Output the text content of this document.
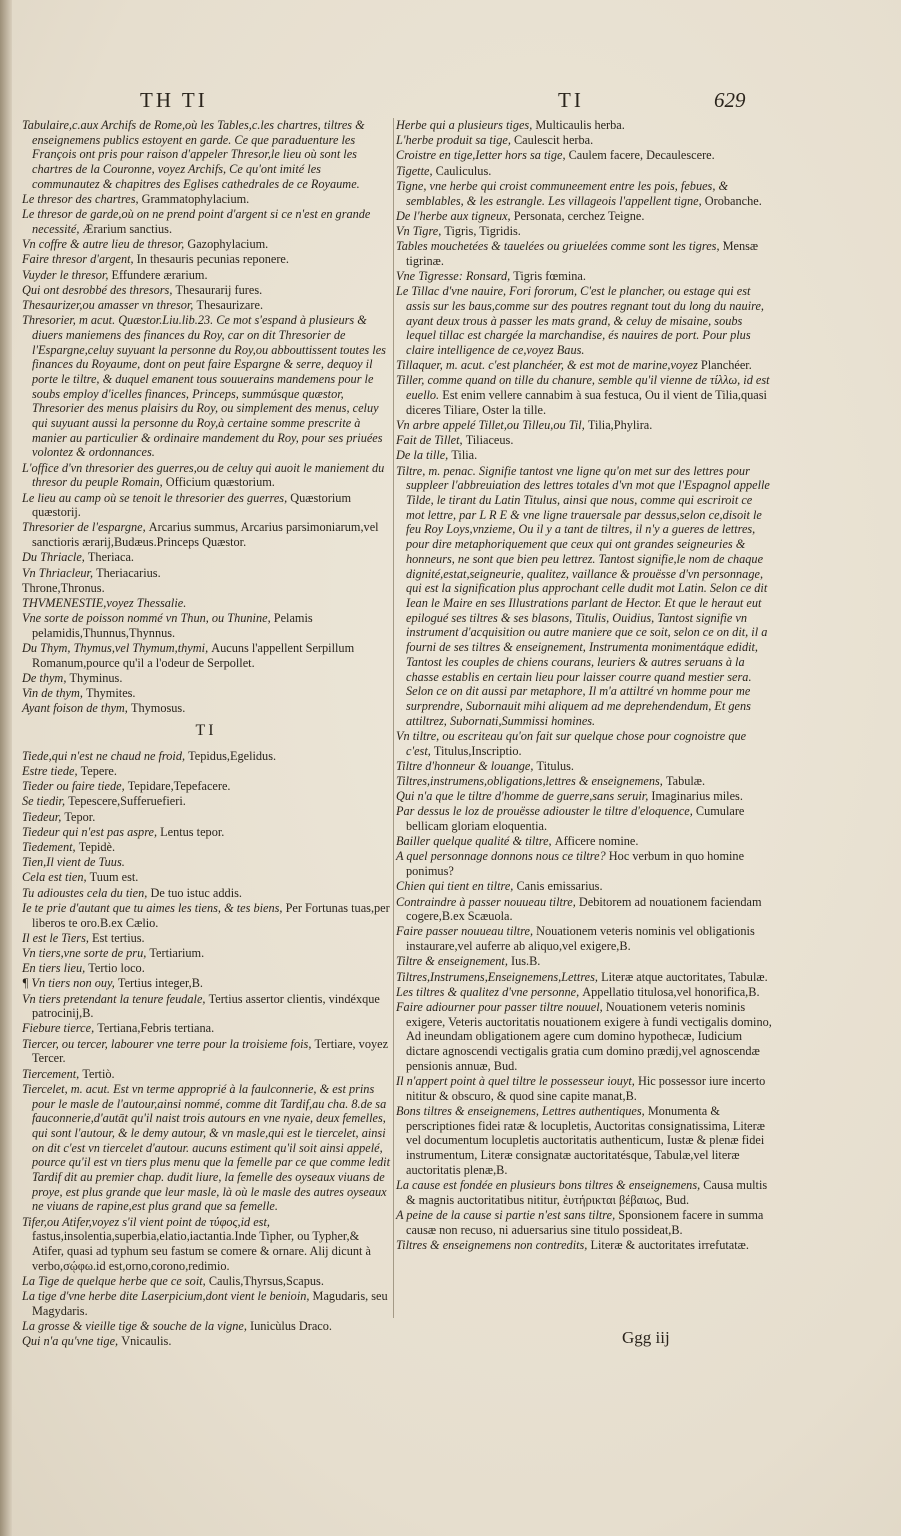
TH TI	TI	629
Tabulaire,c.aux Archifs de Rome,où les Tables,c.les chartres, tiltres & enseignemens publics estoyent en garde. Ce que paraduenture les François ont pris pour raison d'appeler Thresor,le lieu où sont les chartres de la Couronne, voyez Archifs, Ce qu'ont imité les communautez & chapitres des Eglises cathedrales de ce Royaume.
Le thresor des chartres, Grammatophylacium.
Le thresor de garde,où on ne prend point d'argent si ce n'est en grande necessité, Ærarium sanctius.
Vn coffre & autre lieu de thresor, Gazophylacium.
Faire thresor d'argent, In thesauris pecunias reponere.
Vuyder le thresor, Effundere ærarium.
Qui ont desrobbé des thresors, Thesaurarij fures.
Thesaurizer,ou amasser vn thresor, Thesaurizare.
Thresorier, m acut. Quæstor.Liu.lib.23. Ce mot s'espand à plusieurs & diuers maniemens des finances du Roy, car on dit Thresorier de l'Espargne,celuy suyuant la personne du Roy,ou abbouttissent toutes les finances du Royaume, dont on peut faire Espargne & serre, dequoy il porte le tiltre, & duquel emanent tous souuerains mandemens pour le soubs employ d'icelles finances, Princeps, summúsque quæstor, Thresorier des menus plaisirs du Roy, ou simplement des menus, celuy qui suyuant aussi la personne du Roy,à certaine somme prescrite à manier au particulier & ordinaire mandement du Roy, pour ses priuées volontez & ordonnances.
L'office d'vn thresorier des guerres,ou de celuy qui auoit le maniement du thresor du peuple Romain, Officium quæstorium.
Le lieu au camp où se tenoit le thresorier des guerres, Quæstorium quæstorij.
Thresorier de l'espargne, Arcarius summus, Arcarius parsimoniarum,vel sanctioris ærarij,Budæus.Princeps Quæstor.
Du Thriacle, Theriaca.
Vn Thriacleur, Theriacarius.
Throne,Thronus.
THVMENESTIE,voyez Thessalie.
Vne sorte de poisson nommé vn Thun, ou Thunine, Pelamis pelamidis,Thunnus,Thynnus.
Du Thym, Thymus,vel Thymum,thymi, Aucuns l'appellent Serpillum Romanum,pource qu'il a l'odeur de Serpollet.
De thym, Thyminus.
Vin de thym, Thymites.
Ayant foison de thym, Thymosus.
TI
Tiede,qui n'est ne chaud ne froid, Tepidus,Egelidus.
Estre tiede, Tepere.
Tieder ou faire tiede, Tepidare,Tepefacere.
Se tiedir, Tepescere,Sufferuefieri.
Tiedeur, Tepor.
Tiedeur qui n'est pas aspre, Lentus tepor.
Tiedement, Tepidè.
Tien,Il vient de Tuus.
Cela est tien, Tuum est.
Tu adioustes cela du tien, De tuo istuc addis.
Ie te prie d'autant que tu aimes les tiens, & tes biens, Per Fortunas tuas,per liberos te oro.B.ex Cælio.
Il est le Tiers, Est tertius.
Vn tiers,vne sorte de pru, Tertiarium.
En tiers lieu, Tertio loco.
¶ Vn tiers non ouy, Tertius integer,B.
Vn tiers pretendant la tenure feudale, Tertius assertor clientis, vindéxque patrocinij,B.
Fiebure tierce, Tertiana,Febris tertiana.
Tiercer, ou tercer, labourer vne terre pour la troisieme fois, Tertiare, voyez Tercer.
Tiercement, Tertiò.
Tiercelet, m. acut. Est vn terme approprié à la faulconnerie, & est prins pour le masle de l'autour,ainsi nommé, comme dit Tardif,au cha. 8.de sa fauconnerie,d'autāt qu'il naist trois autours en vne nyaie, deux femelles, qui sont l'autour, & le demy autour, & vn masle,qui est le tiercelet, ainsi on dit c'est vn tiercelet d'autour. aucuns estiment qu'il soit ainsi appelé, pource qu'il est vn tiers plus menu que la femelle par ce que comme ledit Tardif dit au premier chap. dudit liure, la femelle des oyseaux viuans de proye, est plus grande que leur masle, là où le masle des autres oyseaux ne viuans de rapine,est plus grand que sa femelle.
Tifer,ou Atifer,voyez s'il vient point de τύφος,id est, fastus,insolentia,superbia,elatio,iactantia.Inde Tipher, ou Typher,& Atifer, quasi ad typhum seu fastum se comere & ornare. Alij dicunt à verbo,σῴφω.id est,orno,corono,redimio.
La Tige de quelque herbe que ce soit, Caulis,Thyrsus,Scapus.
La tige d'vne herbe dite Laserpicium,dont vient le benioin, Magudaris, seu Magydaris.
La grosse & vieille tige & souche de la vigne, Iunicùlus Draco.
Qui n'a qu'vne tige, Vnicaulis.
Herbe qui a plusieurs tiges, Multicaulis herba.
L'herbe produit sa tige, Caulescit herba.
Croistre en tige,Ietter hors sa tige, Caulem facere, Decaulescere.
Tigette, Cauliculus.
Tigne, vne herbe qui croist communeement entre les pois, febues, & semblables, & les estrangle. Les villageois l'appellent tigne, Orobanche.
De l'herbe aux tigneux, Personata, cerchez Teigne.
Vn Tigre, Tigris, Tigridis.
Tables mouchetées & tauelées ou griuelées comme sont les tigres, Mensæ tigrinæ.
Vne Tigresse: Ronsard, Tigris fœmina.
Le Tillac d'vne nauire, Fori fororum, C'est le plancher, ou estage qui est assis sur les baus,comme sur des poutres regnant tout du long du nauire, ayant deux trous à passer les mats grand, & celuy de misaine, soubs lequel tillac est chargée la marchandise, és nauires de port. Pour plus claire intelligence de ce,voyez Baus.
Tillaquer, m. acut. c'est planchéer, & est mot de marine,voyez Planchéer.
Tiller, comme quand on tille du chanure, semble qu'il vienne de τίλλω, id est euello. Est enim vellere cannabim à sua festuca, Ou il vient de Tilia,quasi diceres Tiliare, Oster la tille.
Vn arbre appelé Tillet,ou Tilleu,ou Til, Tilia,Phylira.
Fait de Tillet, Tiliaceus.
De la tille, Tilia.
Tiltre, m. penac. Signifie tantost vne ligne qu'on met sur des lettres pour suppleer l'abbreuiation des lettres totales d'vn mot que l'Espagnol appelle Tilde, le tirant du Latin Titulus, ainsi que nous, comme qui escriroit ce mot lettre, par L R E & vne ligne trauersale par dessus,selon ce,disoit le feu Roy Loys,vnzieme, Ou il y a tant de tiltres, il n'y a gueres de lettres, pour dire metaphoriquement que ceux qui ont grandes seigneuries & honneurs, ne sont que bien peu lettrez. Tantost signifie,le nom de chaque dignité,estat,seigneurie, qualitez, vaillance & prouësse d'vn personnage, qui est la signification plus approchant celle dudit mot Latin. Selon ce dit Iean le Maire en ses Illustrations parlant de Hector. Et que le heraut eut epilogué ses tiltres & ses blasons, Titulis, Ouidius, Tantost signifie vn instrument d'acquisition ou autre maniere que ce soit, selon ce on dit, il a fourni de ses tiltres & enseignement, Instrumenta monimentáque edidit, Tantost les couples de chiens courans, leuriers & autres seruans à la chasse establis en certain lieu pour laisser courre quand mestier sera. Selon ce on dit aussi par metaphore, Il m'a attiltré vn homme pour me surprendre, Subornauit mihi aliquem ad me deprehendendum, Et gens attiltrez, Subornati,Summissi homines.
Vn tiltre, ou escriteau qu'on fait sur quelque chose pour cognoistre que c'est, Titulus,Inscriptio.
Tiltre d'honneur & louange, Titulus.
Tiltres,instrumens,obligations,lettres & enseignemens, Tabulæ.
Qui n'a que le tiltre d'homme de guerre,sans seruir, Imaginarius miles.
Par dessus le loz de prouësse adiouster le tiltre d'eloquence, Cumulare bellicam gloriam eloquentia.
Bailler quelque qualité & tiltre, Afficere nomine.
A quel personnage donnons nous ce tiltre? Hoc verbum in quo homine ponimus?
Chien qui tient en tiltre, Canis emissarius.
Contraindre à passer nouueau tiltre, Debitorem ad nouationem faciendam cogere,B.ex Scæuola.
Faire passer nouueau tiltre, Nouationem veteris nominis vel obligationis instaurare,vel auferre ab aliquo,vel exigere,B.
Tiltre & enseignement, Ius.B.
Tiltres,Instrumens,Enseignemens,Lettres, Literæ atque auctoritates, Tabulæ.
Les tiltres & qualitez d'vne personne, Appellatio titulosa,vel honorifica,B.
Faire adiourner pour passer tiltre nouuel, Nouationem veteris nominis exigere, Veteris auctoritatis nouationem exigere à fundi vectigalis domino, Ad ineundam obligationem agere cum domino hypothecæ, Iudicium dictare agnoscendi vectigalis gratia cum domino prædij,vel agnoscendæ pensionis annuæ, Bud.
Il n'appert point à quel tiltre le possesseur iouyt, Hic possessor iure incerto nititur & obscuro, & quod sine capite manat,B.
Bons tiltres & enseignemens, Lettres authentiques, Monumenta & perscriptiones fidei ratæ & locupletis, Auctoritas consignatissima, Literæ vel documentum locupletis auctoritatis authenticum, Iustæ & plenæ fidei instrumentum, Literæ consignatæ auctoritatésque, Tabulæ,vel literæ auctoritatis plenæ,B.
La cause est fondée en plusieurs bons tiltres & enseignemens, Causa multis & magnis auctoritatibus nititur, ἐυτήρικται βέβαιως, Bud.
A peine de la cause si partie n'est sans tiltre, Sponsionem facere in summa causæ non recuso, ni aduersarius sine titulo possideat,B.
Tiltres & enseignemens non contredits, Literæ & auctoritates irrefutatæ.
Ggg iij
